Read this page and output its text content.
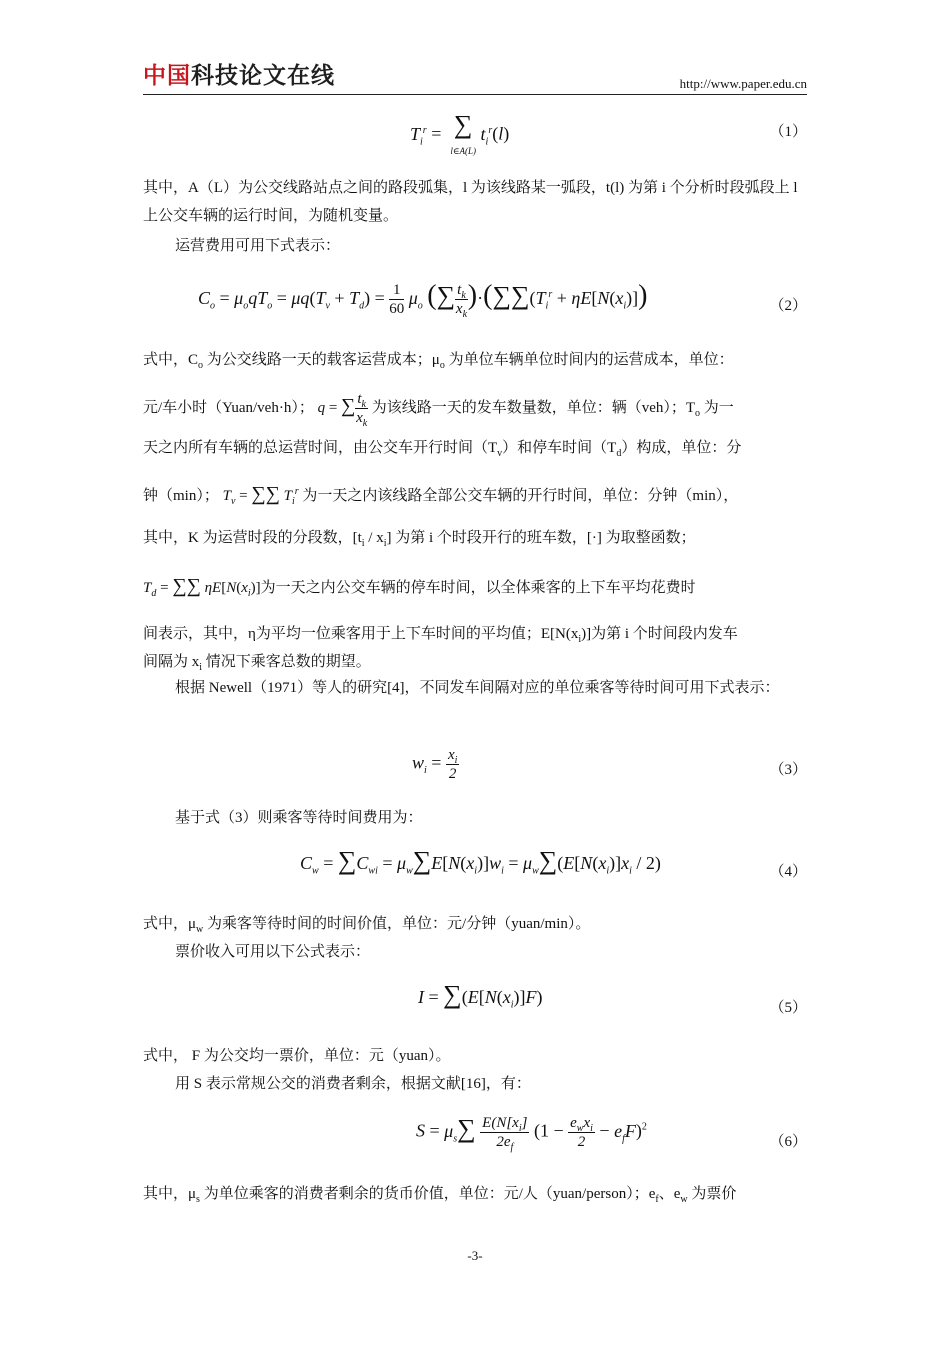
中国科技论文在线	http://www.paper.edu.cn
$T_i^r$ =  ∑
l∈A(L) $t_i^r(l)$	（1）

其中，A（L）为公交线路站点之间的路段弧集，l 为该线路某一弧段，t(l) 为第 i 个分析时段弧段上 l 上公交车辆的运行时间，为随机变量。

运营费用可用下式表示：

$C_o = \mu_oqT_o = \mu q(T_v + T_d) = \frac{1}{60} \mu_o$ (∑ $\frac{t_k}{x_k} )\cdot(\sum\sum(T_i^r + \eta E[N(x_i)])$	（2）

式中，$C_o$ 为公交线路一天的载客运营成本；$\mu_o$ 为单位车辆单位时间内的运营成本，单位：

元/车小时（Yuan/veh·h）； q = ∑ $\frac{t_k}{x_k}$ 为该线路一天的发车数量数，单位：辆（veh）；$T_o$ 为一

天之内所有车辆的总运营时间，由公交车开行时间$(T_v)$和停车时间$(T_d)$构成，单位：分

钟（min）； $T_v$ = ∑∑ $T_i^r$ 为一天之内该线路全部公交车辆的开行时间，单位：分钟（min），

其中，K 为运营时段的分段数，$[t_i / x_i]$ 为第 i 个时段开行的班车数，[·] 为取整函数；

$T_d$ = ∑∑ $\eta E[N(x_i)]$为一天之内公交车辆的停车时间，以全体乘客的上下车平均花费时

间表示，其中，η为平均一位乘客用于上下车时间的平均值；$E[N(x_i)]$为第 i 个时间段内发车

间隔为 $x_i$ 情况下乘客总数的期望。

根据 Newell（1971）等人的研究[4]，不同发车间隔对应的单位乘客等待时间可用下式表示：

$w_i = \frac{x_i}{2}$	（3）

基于式（3）则乘客等待时间费用为：

$C_w = \sum C_{wi} = \mu_w\sum E[N(x_i)]w_i = \mu_w\sum(E[N(x_i)]x_i / 2)$	（4）

式中，$\mu_w$ 为乘客等待时间的时间价值，单位：元/分钟（yuan/min）。

票价收入可用以下公式表示：

$I = \sum(E[N(x_i)]F)$
（5）

式中， F 为公交均一票价，单位：元（yuan）。

用 S 表示常规公交的消费者剩余，根据文献[16]，有：

$S = \mu_s\sum \frac{E(N[x_i]}{2e_f} (1 - \frac{e_wx_i}{2} - e_fF)^2$
（6）

其中，$\mu_s$ 为单位乘客的消费者剩余的货币价值，单位：元/人（yuan/person）；$e_f$、$e_w$ 为票价

-3-
